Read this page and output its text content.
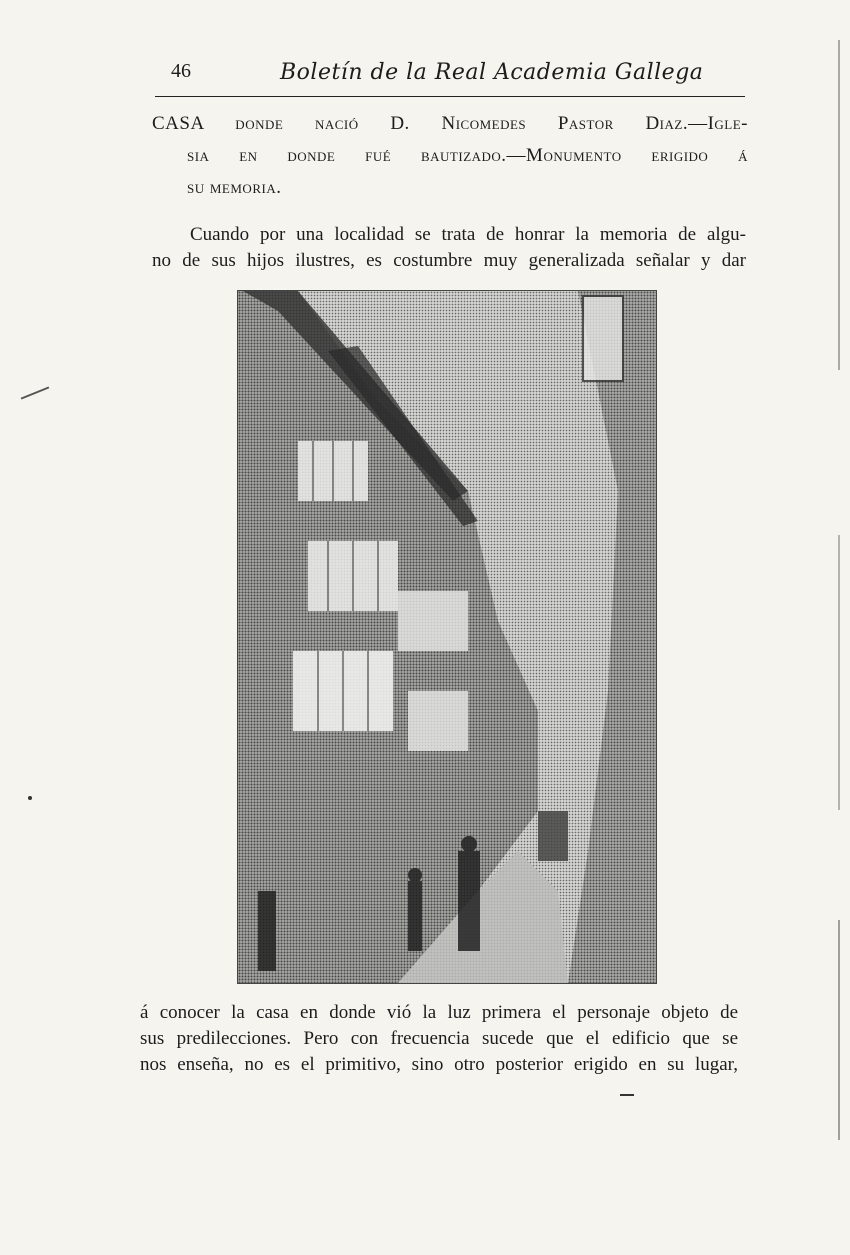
46	Boletín de la Real Academia Gallega
CASA donde nació D. Nicomedes Pastor Diaz.—Igle-
sia en donde fué bautizado.—Monumento erigido á
su memoria.
Cuando por una localidad se trata de honrar la memoria de algu-
no de sus hijos ilustres, es costumbre muy generalizada señalar y dar
á conocer la casa en donde vió la luz primera el personaje objeto de
sus predilecciones. Pero con frecuencia sucede que el edificio que se
nos enseña, no es el primitivo, sino otro posterior erigido en su lugar,
